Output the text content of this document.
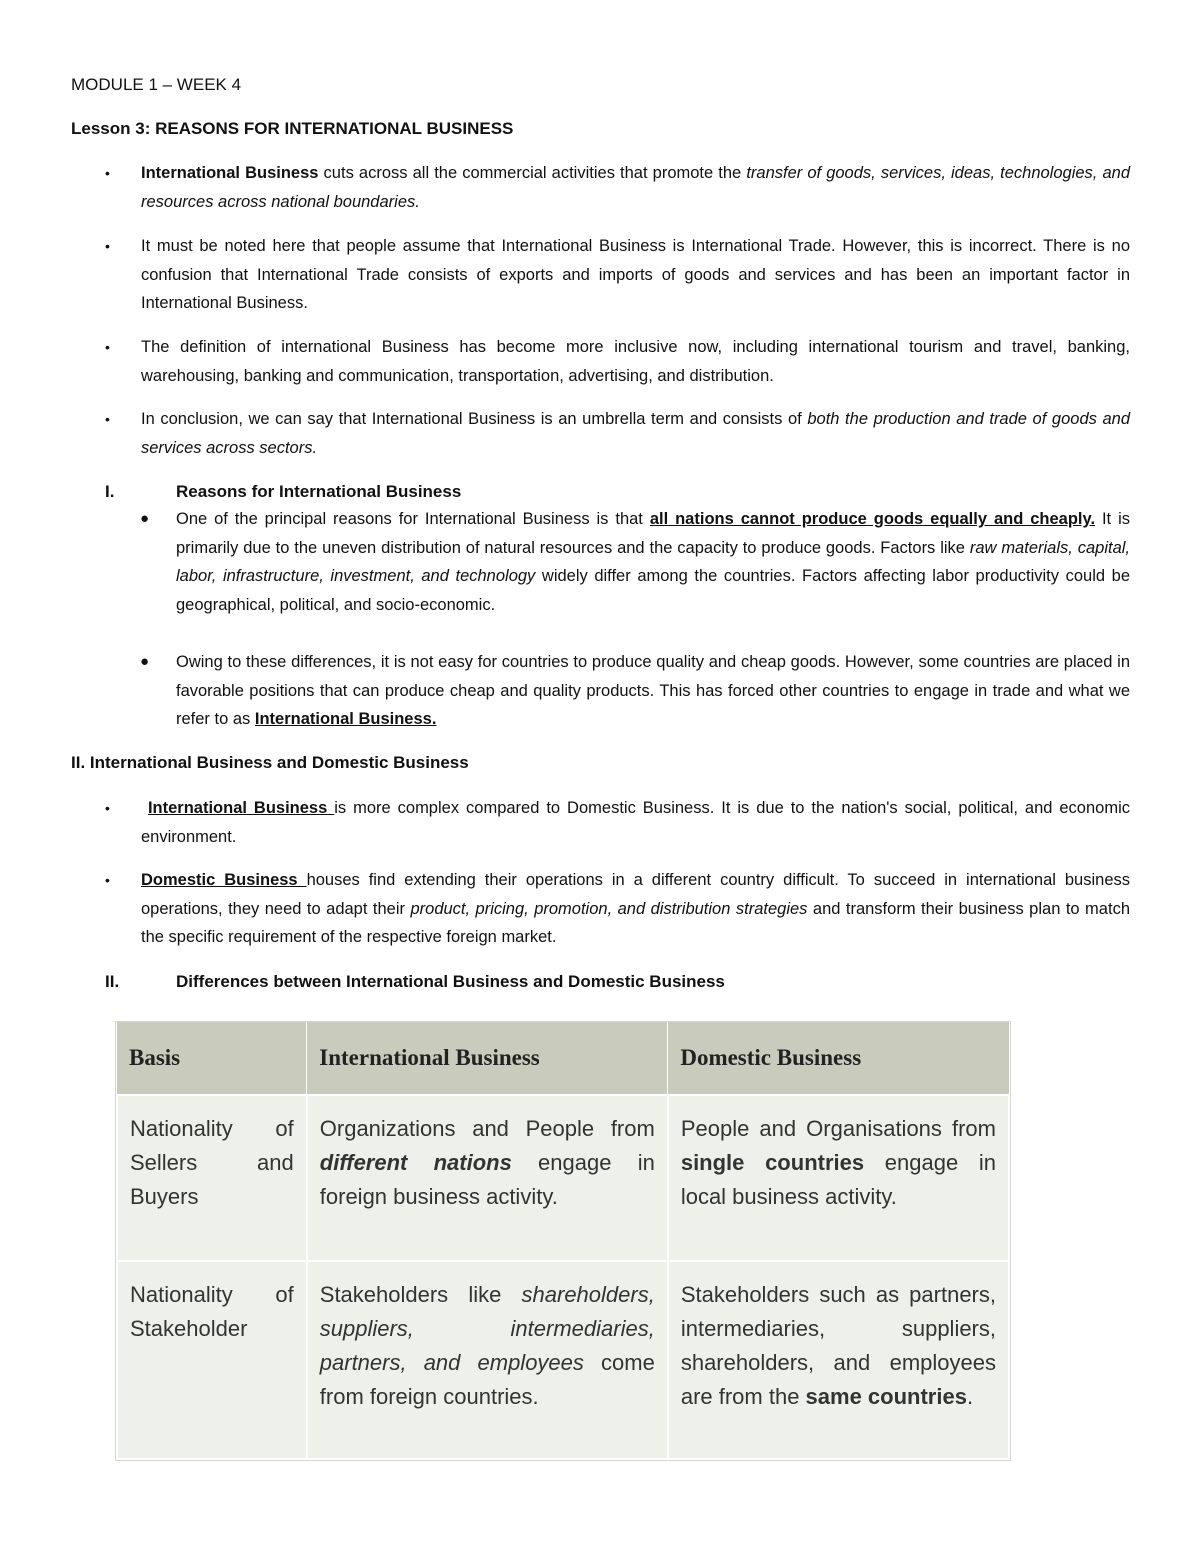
MODULE 1 – WEEK 4
Lesson 3: REASONS FOR INTERNATIONAL BUSINESS
• International Business cuts across all the commercial activities that promote the transfer of goods, services, ideas, technologies, and resources across national boundaries.
• It must be noted here that people assume that International Business is International Trade. However, this is incorrect. There is no confusion that International Trade consists of exports and imports of goods and services and has been an important factor in International Business.
• The definition of international Business has become more inclusive now, including international tourism and travel, banking, warehousing, banking and communication, transportation, advertising, and distribution.
• In conclusion, we can say that International Business is an umbrella term and consists of both the production and trade of goods and services across sectors.
I.	Reasons for International Business
● One of the principal reasons for International Business is that all nations cannot produce goods equally and cheaply. It is primarily due to the uneven distribution of natural resources and the capacity to produce goods. Factors like raw materials, capital, labor, infrastructure, investment, and technology widely differ among the countries. Factors affecting labor productivity could be geographical, political, and socio-economic.
● Owing to these differences, it is not easy for countries to produce quality and cheap goods. However, some countries are placed in favorable positions that can produce cheap and quality products. This has forced other countries to engage in trade and what we refer to as International Business.
II. International Business and Domestic Business
•	International Business is more complex compared to Domestic Business. It is due to the nation's social, political, and economic environment.
• Domestic Business houses find extending their operations in a different country difficult. To succeed in international business operations, they need to adapt their product, pricing, promotion, and distribution strategies and transform their business plan to match the specific requirement of the respective foreign market.
II.	Differences between International Business and Domestic Business
Basis	International Business	Domestic Business
Nationality of Sellers and Buyers	Organizations and People from different nations engage in foreign business activity.	People and Organisations from single countries engage in local business activity.
Nationality of Stakeholder	Stakeholders like shareholders, suppliers, intermediaries, partners, and employees come from foreign countries.	Stakeholders such as partners, intermediaries, suppliers, shareholders, and employees are from the same countries.
